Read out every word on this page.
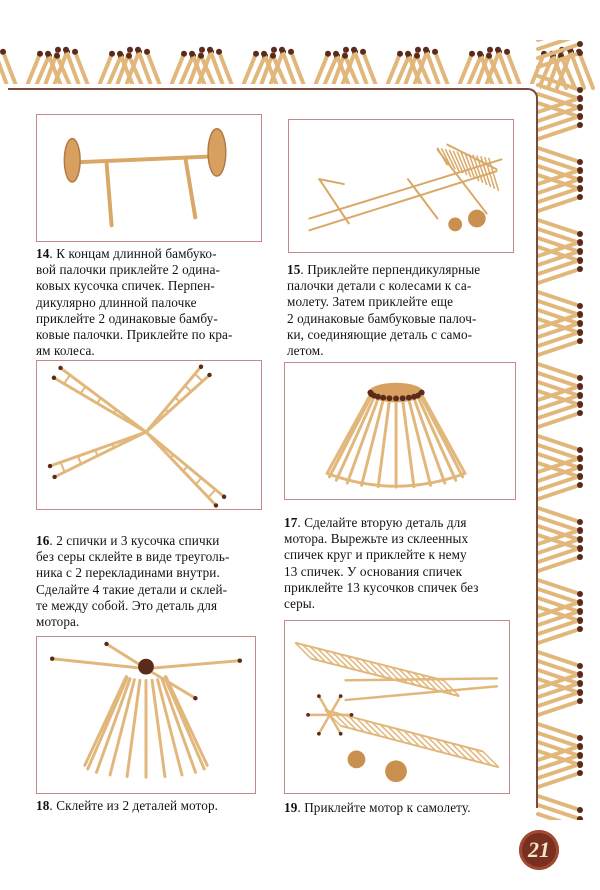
14. К концам длинной бамбуко-
вой палочки приклейте 2 одина-
ковых кусочка спичек. Перпен-
дикулярно длинной палочке
приклейте 2 одинаковые бамбу-
ковые палочки. Приклейте по кра-
ям колеса.
15. Приклейте перпендикулярные
палочки детали с колесами к са-
молету. Затем приклейте еще
2 одинаковые бамбуковые палоч-
ки, соединяющие деталь с само-
летом.
16. 2 спички и 3 кусочка спички
без серы склейте в виде треуголь-
ника с 2 перекладинами внутри.
Сделайте 4 такие детали и склей-
те между собой. Это деталь для
мотора.
17. Сделайте вторую деталь для
мотора. Вырежьте из склеенных
спичек круг и приклейте к нему
13 спичек. У основания спичек
приклейте 13 кусочков спичек без
серы.
18. Склейте из 2 деталей мотор.	19. Приклейте мотор к самолету.
21
